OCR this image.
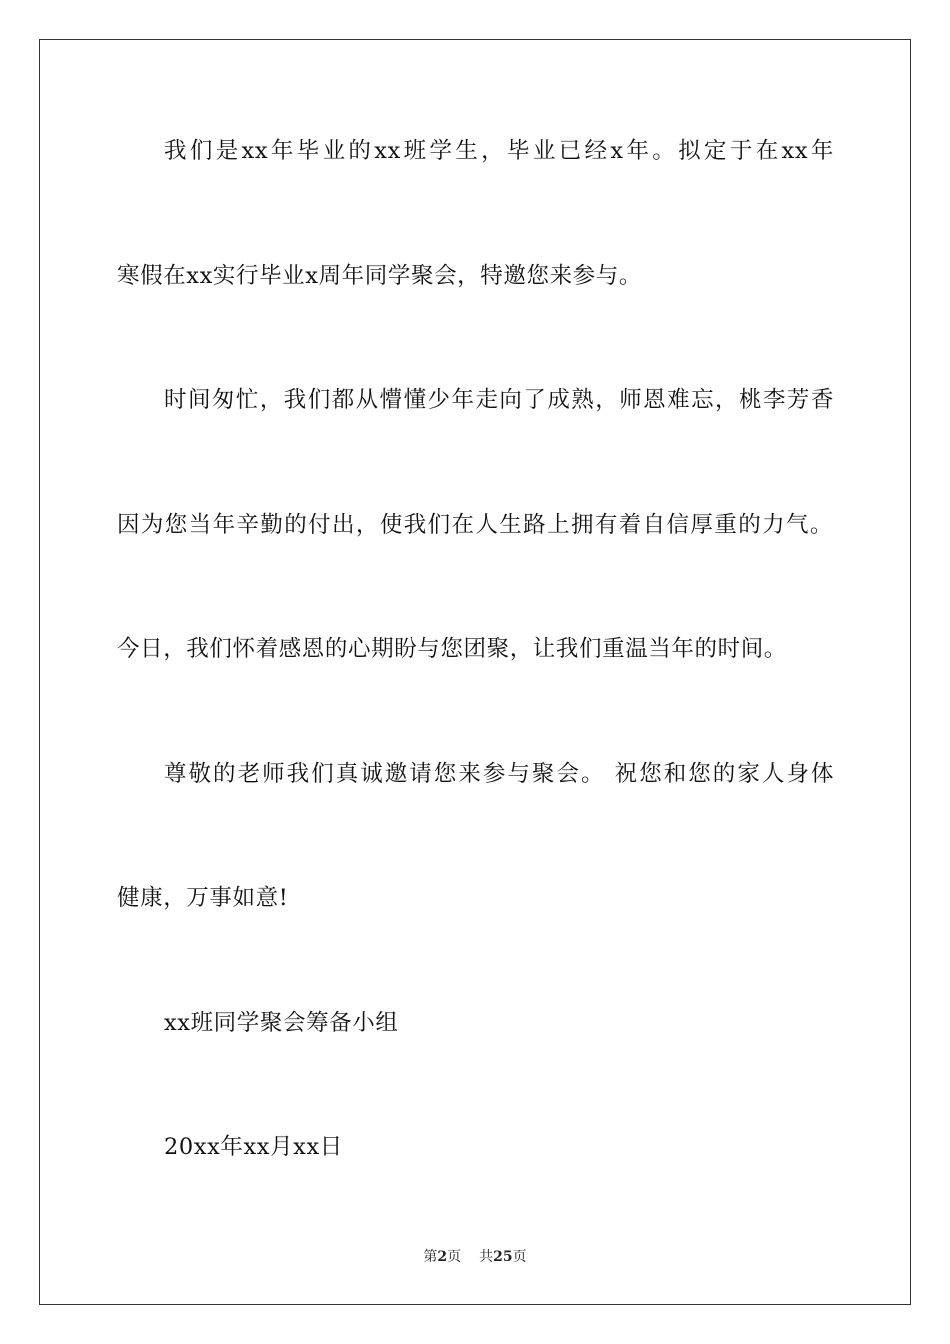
我们是xx年毕业的xx班学生，毕业已经x年。拟定于在xx年
寒假在xx实行毕业x周年同学聚会，特邀您来参与。
时间匆忙，我们都从懵懂少年走向了成熟，师恩难忘，桃李芳香
因为您当年辛勤的付出，使我们在人生路上拥有着自信厚重的力气。
今日，我们怀着感恩的心期盼与您团聚，让我们重温当年的时间。
尊敬的老师我们真诚邀请您来参与聚会。 祝您和您的家人身体
健康，万事如意!
xx班同学聚会筹备小组
20xx年xx月xx日
第2页 共25页
